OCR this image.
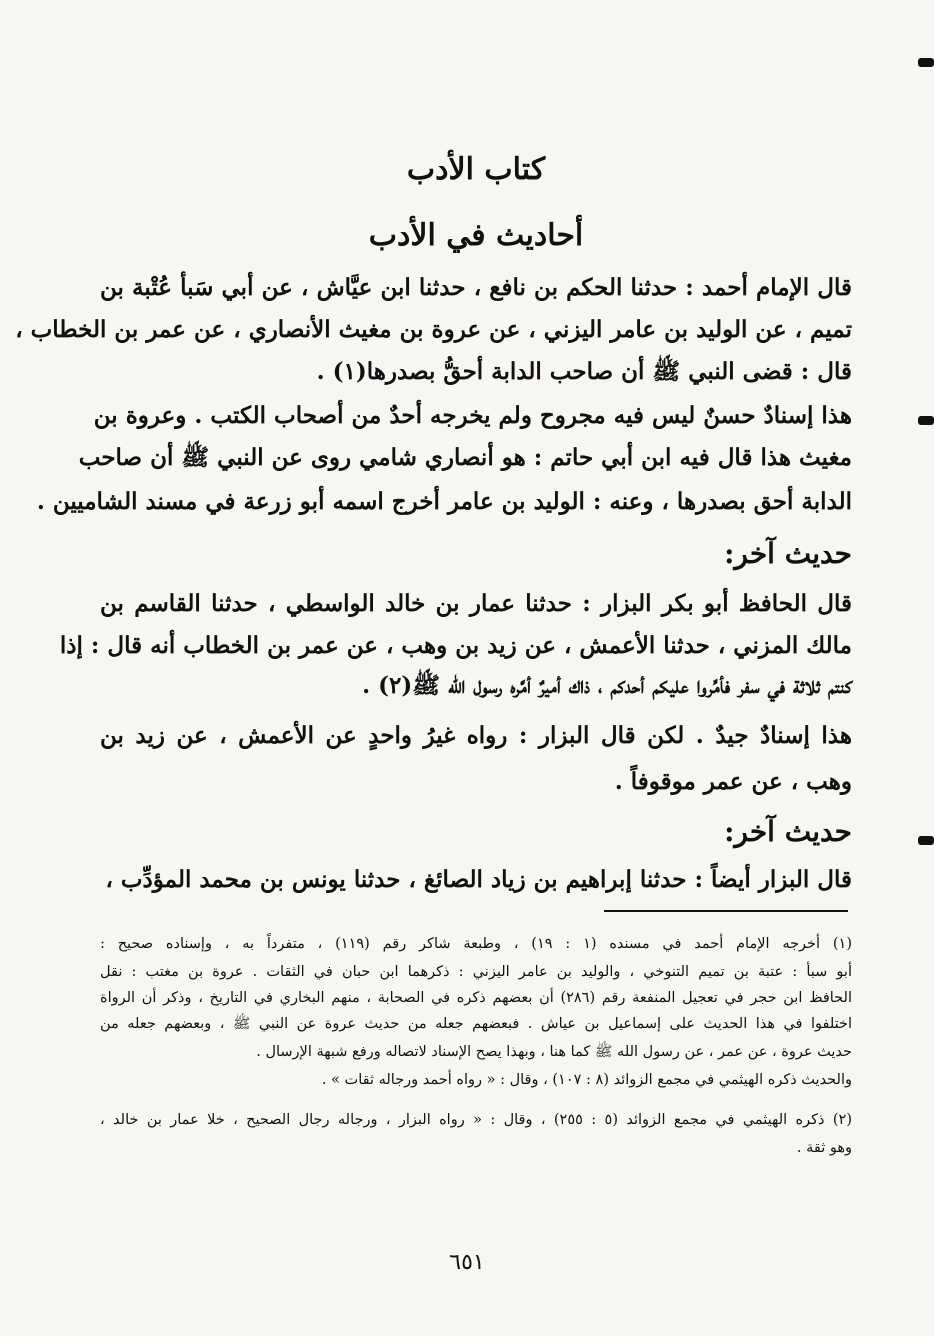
كتاب الأدب
أحاديث في الأدب
قال الإمام أحمد : حدثنا الحكم بن نافع ، حدثنا ابن عيَّاش ، عن أبي سَبأ عُتْبة بن
تميم ، عن الوليد بن عامر اليزني ، عن عروة بن مغيث الأنصاري ، عن عمر بن الخطاب ،
قال : قضى النبي ﷺ أن صاحب الدابة أحقُّ بصدرها(١) .
هذا إسنادٌ حسنٌ ليس فيه مجروح ولم يخرجه أحدٌ من أصحاب الكتب . وعروة بن
مغيث هذا قال فيه ابن أبي حاتم : هو أنصاري شامي روى عن النبي ﷺ أن صاحب
الدابة أحق بصدرها ، وعنه : الوليد بن عامر أخرج اسمه أبو زرعة في مسند الشاميين .
حديث آخر:
قال الحافظ أبو بكر البزار : حدثنا عمار بن خالد الواسطي ، حدثنا القاسم بن
مالك المزني ، حدثنا الأعمش ، عن زيد بن وهب ، عن عمر بن الخطاب أنه قال : إذا
كنتم ثلاثة في سفر فأمِّروا عليكم أحدكم ، ذاك أميرٌ أمَّره رسول الله ﷺ(٢) .
هذا إسنادٌ جيدٌ . لكن قال البزار : رواه غيرُ واحدٍ عن الأعمش ، عن زيد بن
وهب ، عن عمر موقوفاً .
حديث آخر:
قال البزار أيضاً : حدثنا إبراهيم بن زياد الصائغ ، حدثنا يونس بن محمد المؤدِّب ،
(١) أخرجه الإمام أحمد في مسنده (١ : ١٩) ، وطبعة شاكر رقم (١١٩) ، متفرداً به ، وإسناده صحيح :
أبو سبأ : عتبة بن تميم التنوخي ، والوليد بن عامر اليزني : ذكرهما ابن حبان في الثقات . عروة بن مغتب : نقل
الحافظ ابن حجر في تعجيل المنفعة رقم (٢٨٦) أن بعضهم ذكره في الصحابة ، منهم البخاري في التاريخ ، وذكر أن الرواة
اختلفوا في هذا الحديث على إسماعيل بن عياش . فبعضهم جعله من حديث عروة عن النبي ﷺ ، وبعضهم جعله من
حديث عروة ، عن عمر ، عن رسول الله ﷺ كما هنا ، وبهذا يصح الإسناد لاتصاله ورفع شبهة الإرسال .
والحديث ذكره الهيثمي في مجمع الزوائد (٨ : ١٠٧) ، وقال : « رواه أحمد ورجاله ثقات » .
(٢) ذكره الهيثمي في مجمع الزوائد (٥ : ٢٥٥) ، وقال : « رواه البزار ، ورجاله رجال الصحيح ، خلا عمار بن خالد ،
وهو ثقة .
٦٥١
